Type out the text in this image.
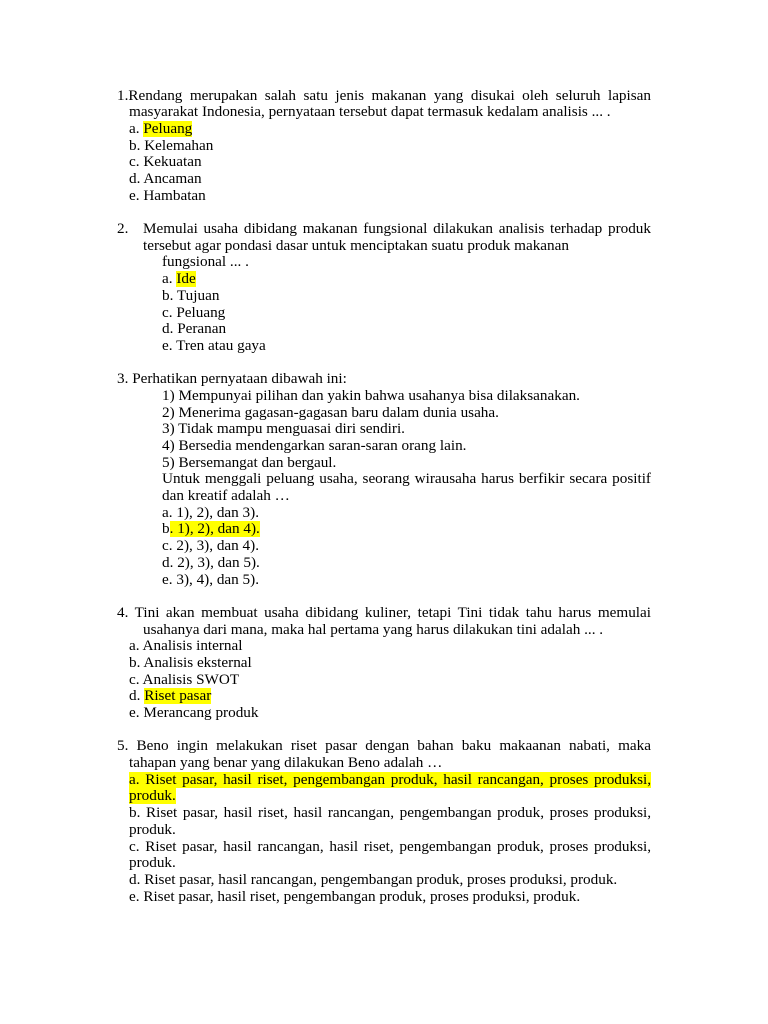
1.Rendang merupakan salah satu jenis makanan yang disukai oleh seluruh lapisan
masyarakat Indonesia, pernyataan tersebut dapat termasuk kedalam analisis ... .
a. Peluang
b. Kelemahan
c. Kekuatan
d. Ancaman
e. Hambatan
2. Memulai usaha dibidang makanan fungsional dilakukan analisis terhadap produk
tersebut agar pondasi dasar untuk menciptakan suatu produk makanan
fungsional ... .
a. Ide
b. Tujuan
c. Peluang
d. Peranan
e. Tren atau gaya
3. Perhatikan pernyataan dibawah ini:
1) Mempunyai pilihan dan yakin bahwa usahanya bisa dilaksanakan.
2) Menerima gagasan-gagasan baru dalam dunia usaha.
3) Tidak mampu menguasai diri sendiri.
4) Bersedia mendengarkan saran-saran orang lain.
5) Bersemangat dan bergaul.
Untuk menggali peluang usaha, seorang wirausaha harus berfikir secara positif
dan kreatif adalah …
a. 1), 2), dan 3).
b. 1), 2), dan 4).
c. 2), 3), dan 4).
d. 2), 3), dan 5).
e. 3), 4), dan 5).
4. Tini akan membuat usaha dibidang kuliner, tetapi Tini tidak tahu harus memulai
usahanya dari mana, maka hal pertama yang harus dilakukan tini adalah ... .
a. Analisis internal
b. Analisis eksternal
c. Analisis SWOT
d. Riset pasar
e. Merancang produk
5. Beno ingin melakukan riset pasar dengan bahan baku makaanan nabati, maka
tahapan yang benar yang dilakukan Beno adalah …
a. Riset pasar, hasil riset, pengembangan produk, hasil rancangan, proses produksi,
produk.
b. Riset pasar, hasil riset, hasil rancangan, pengembangan produk, proses produksi,
produk.
c. Riset pasar, hasil rancangan, hasil riset, pengembangan produk, proses produksi,
produk.
d. Riset pasar, hasil rancangan, pengembangan produk, proses produksi, produk.
e. Riset pasar, hasil riset, pengembangan produk, proses produksi, produk.
